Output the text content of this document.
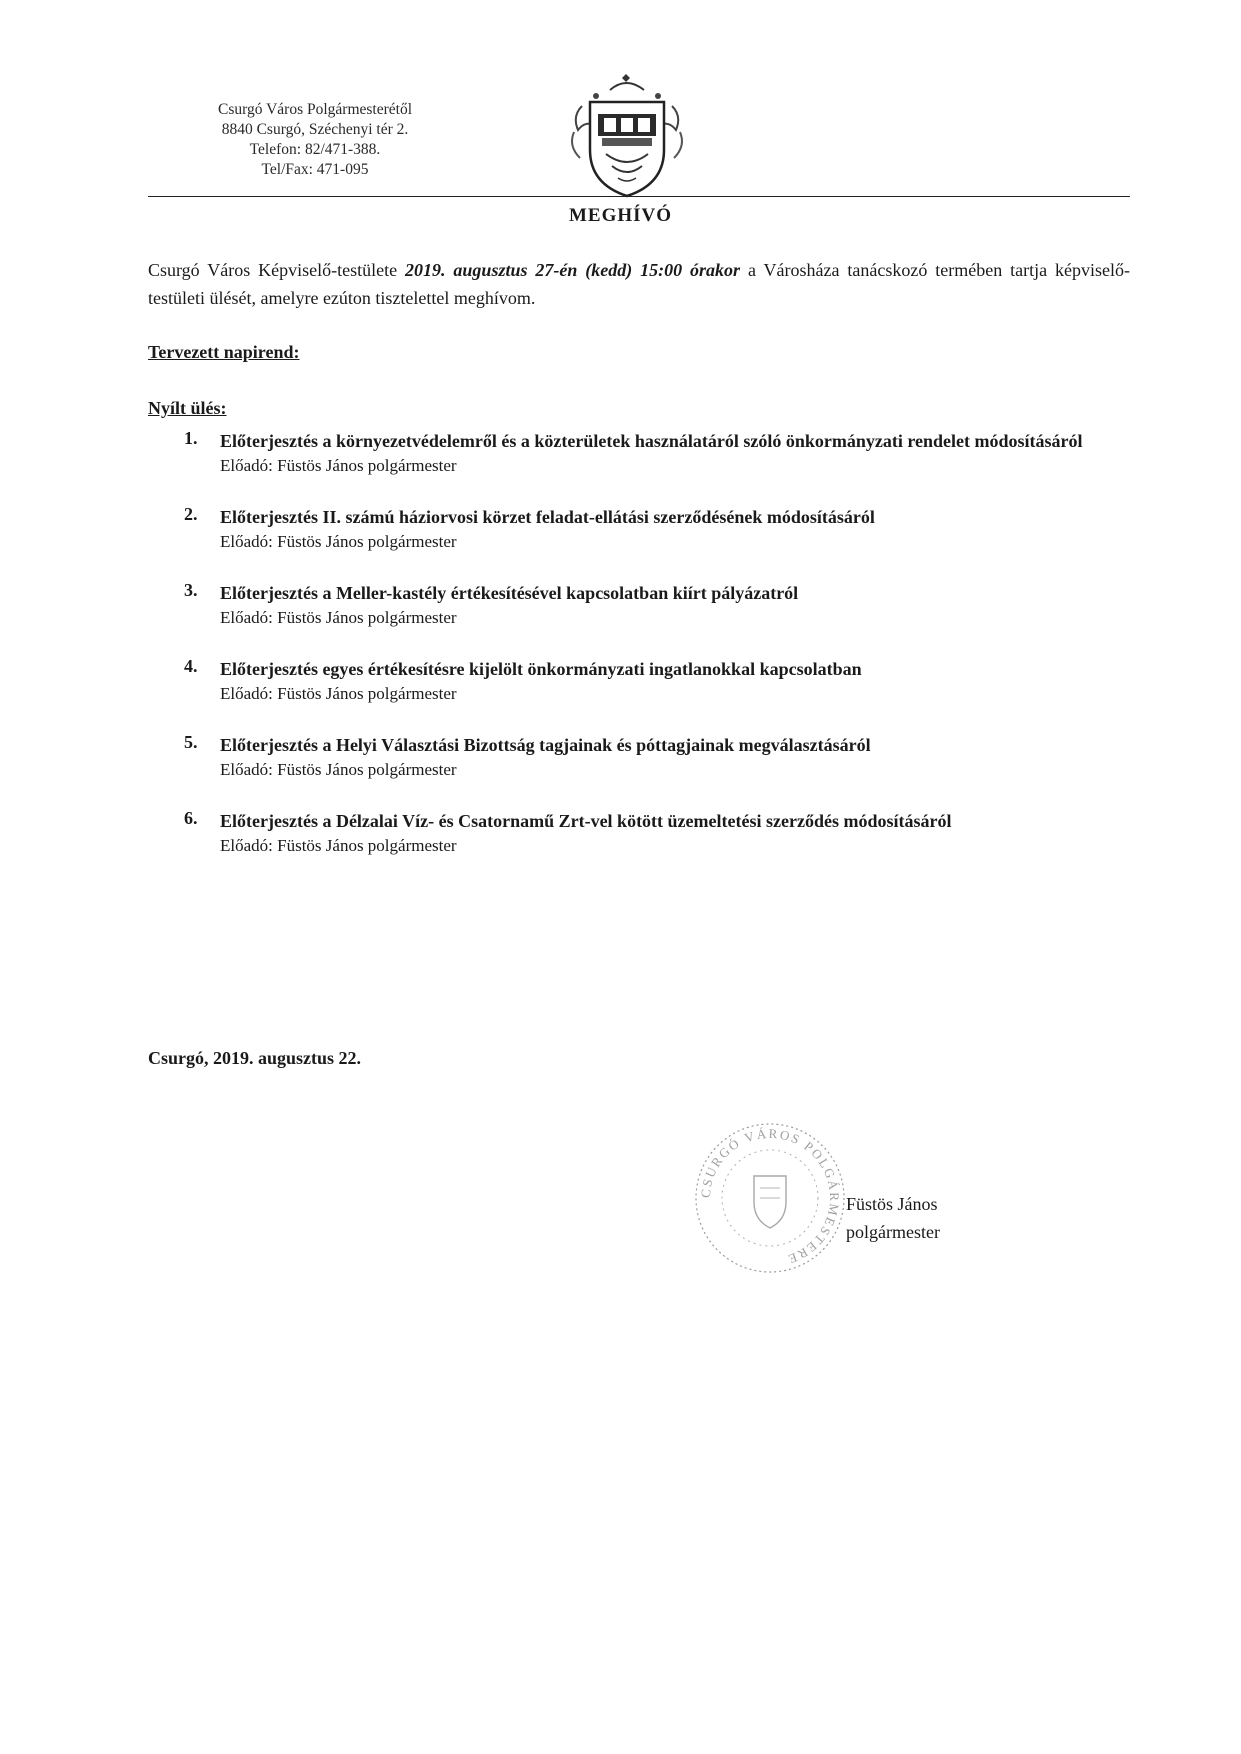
Csurgó Város Polgármesterétől
8840 Csurgó, Széchenyi tér 2.
Telefon: 82/471-388.
Tel/Fax: 471-095
MEGHÍVÓ
Csurgó Város Képviselő-testülete 2019. augusztus 27-én (kedd) 15:00 órakor a Városháza tanácskozó termében tartja képviselő-testületi ülését, amelyre ezúton tisztelettel meghívom.
Tervezett napirend:
Nyílt ülés:
1. Előterjesztés a környezetvédelemről és a közterületek használatáról szóló önkormányzati rendelet módosításáról
Előadó: Füstös János polgármester
2. Előterjesztés II. számú háziorvosi körzet feladat-ellátási szerződésének módosításáról
Előadó: Füstös János polgármester
3. Előterjesztés a Meller-kastély értékesítésével kapcsolatban kiírt pályázatról
Előadó: Füstös János polgármester
4. Előterjesztés egyes értékesítésre kijelölt önkormányzati ingatlanokkal kapcsolatban
Előadó: Füstös János polgármester
5. Előterjesztés a Helyi Választási Bizottság tagjainak és póttagjainak megválasztásáról
Előadó: Füstös János polgármester
6. Előterjesztés a Délzalai Víz- és Csatornamű Zrt-vel kötött üzemeltetési szerződés módosításáról
Előadó: Füstös János polgármester
Csurgó, 2019. augusztus 22.
CSURGÓ VÁROS POLGÁRMESTERE
Füstös János
polgármester
